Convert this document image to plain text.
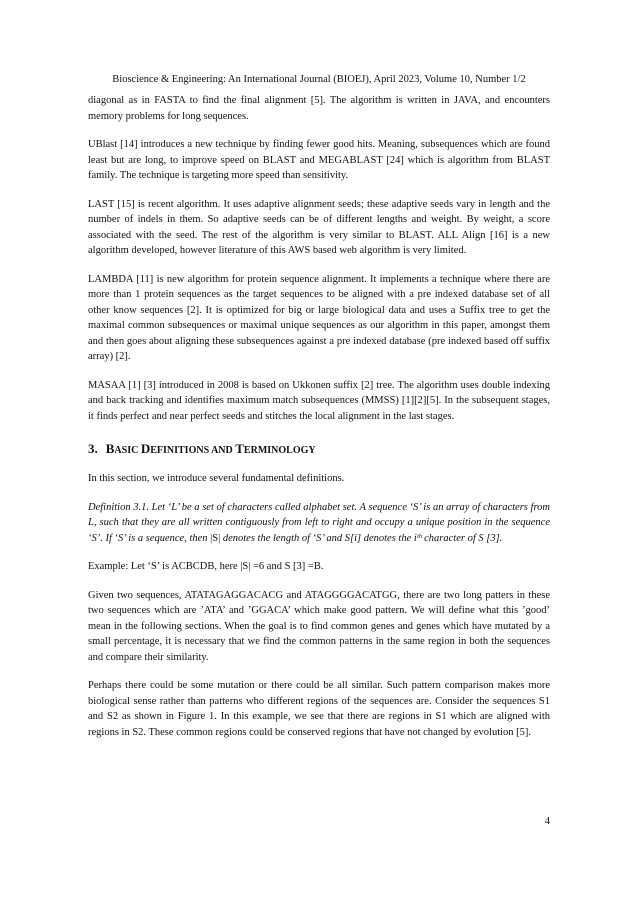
Bioscience & Engineering: An International Journal (BIOEJ), April 2023, Volume 10, Number 1/2

diagonal as in FASTA to find the final alignment [5]. The algorithm is written in JAVA, and encounters memory problems for long sequences.

UBlast [14] introduces a new technique by finding fewer good hits. Meaning, subsequences which are found least but are long, to improve speed on BLAST and MEGABLAST [24] which is algorithm from BLAST family. The technique is targeting more speed than sensitivity.

LAST [15] is recent algorithm. It uses adaptive alignment seeds; these adaptive seeds vary in length and the number of indels in them. So adaptive seeds can be of different lengths and weight. By weight, a score associated with the seed. The rest of the algorithm is very similar to BLAST. ALL Align [16] is a new algorithm developed, however literature of this AWS based web algorithm is very limited.

LAMBDA [11] is new algorithm for protein sequence alignment. It implements a technique where there are more than 1 protein sequences as the target sequences to be aligned with a pre indexed database set of all other know sequences [2]. It is optimized for big or large biological data and uses a Suffix tree to get the maximal common subsequences or maximal unique sequences as our algorithm in this paper, amongst them and then goes about aligning these subsequences against a pre indexed database (pre indexed based off suffix array) [2].

MASAA [1] [3] introduced in 2008 is based on Ukkonen suffix [2] tree. The algorithm uses double indexing and back tracking and identifies maximum match subsequences (MMSS) [1][2][5]. In the subsequent stages, it finds perfect and near perfect seeds and stitches the local alignment in the last stages.

3. BASIC DEFINITIONS AND TERMINOLOGY

In this section, we introduce several fundamental definitions.

Definition 3.1. Let ‘L’ be a set of characters called alphabet set. A sequence ‘S’ is an array of characters from L, such that they are all written contiguously from left to right and occupy a unique position in the sequence ‘S’. If ‘S’ is a sequence, then |S| denotes the length of ‘S’ and S[i] denotes the iᵗʰ character of S [3].

Example: Let ‘S’ is ACBCDB, here |S| =6 and S [3] =B.

Given two sequences, ATATAGAGGACACG and ATAGGGGACATGG, there are two long patters in these two sequences which are ’ATA’ and ’GGACA’ which make good pattern. We will define what this ’good’ mean in the following sections. When the goal is to find common genes and genes which have mutated by a small percentage, it is necessary that we find the common patterns in the same region in both the sequences and compare their similarity.

Perhaps there could be some mutation or there could be all similar. Such pattern comparison makes more biological sense rather than patterns who different regions of the sequences are. Consider the sequences S1 and S2 as shown in Figure 1. In this example, we see that there are regions in S1 which are aligned with regions in S2. These common regions could be conserved regions that have not changed by evolution [5].

4
